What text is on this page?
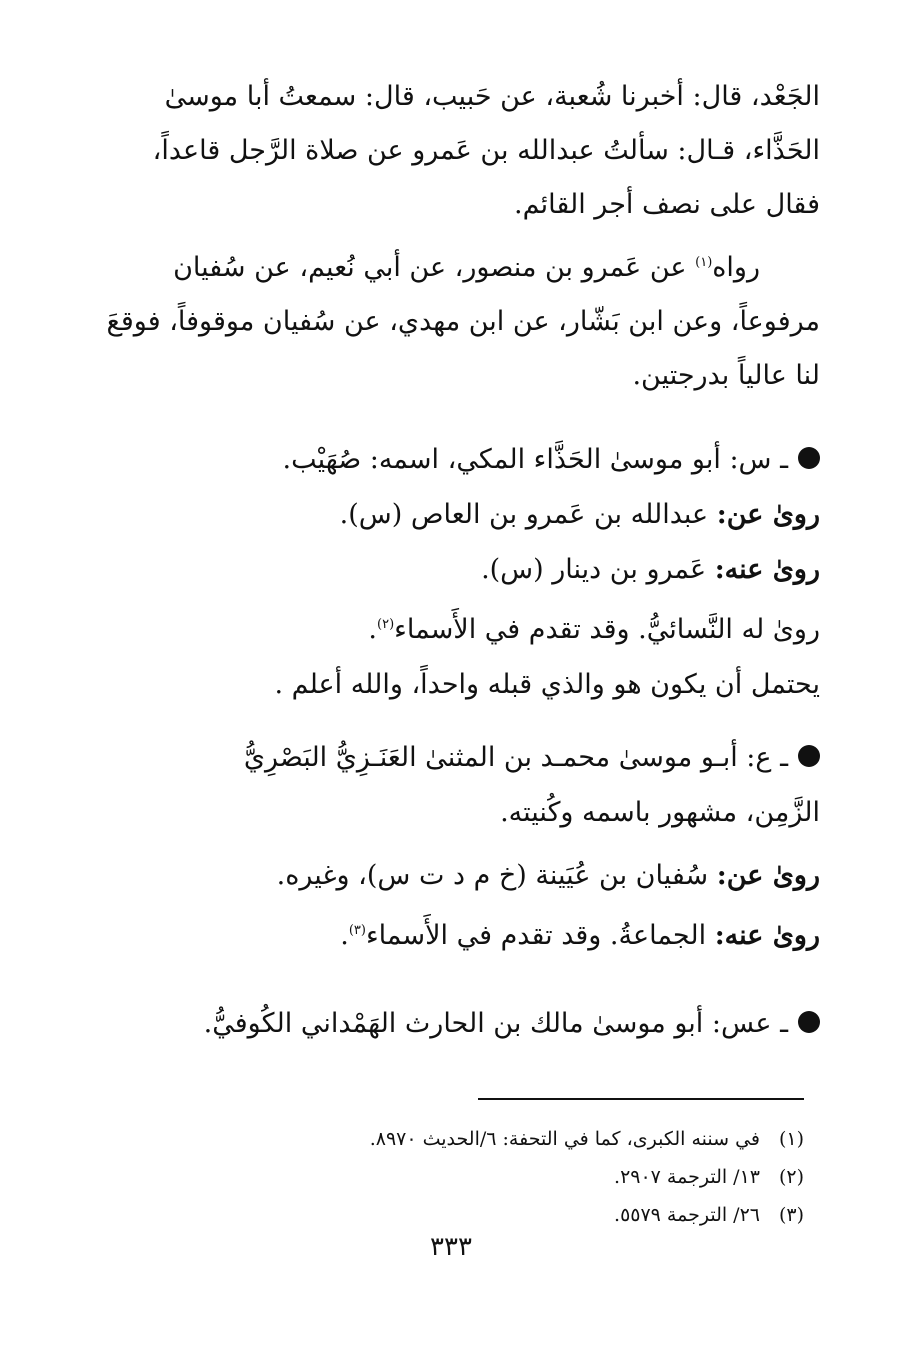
الجَعْد، قال: أخبرنا شُعبة، عن حَبيب، قال: سمعتُ أبا موسىٰ

الحَذَّاء، قـال: سألتُ عبدالله بن عَمرو عن صلاة الرَّجل قاعداً،

فقال على نصف أجر القائم.

رواه$^{(١)}$ عن عَمرو بن منصور، عن أبي نُعيم، عن سُفيان

مرفوعاً، وعن ابن بَشّار، عن ابن مهدي، عن سُفيان موقوفاً، فوقعَ

لنا عالياً بدرجتين.

ـ س: أبو موسىٰ الحَذَّاء المكي، اسمه: صُهَيْب.
رویٰ عن: عبدالله بن عَمرو بن العاص (س).
رویٰ عنه: عَمرو بن دينار (س).
رویٰ له النَّسائيُّ. وقد تقدم في الأَسماء$^{(٢)}$.
يحتمل أن يكون هو والذي قبله واحداً، والله أعلم .
ـ ع: أبـو موسىٰ محمـد بن المثنىٰ العَنَـزِيُّ البَصْرِيُّ
الزَّمِن، مشهور باسمه وكُنيته.
رویٰ عن: سُفيان بن عُيَينة (خ م د ت س)، وغيره.
رویٰ عنه: الجماعةُ. وقد تقدم في الأَسماء$^{(٣)}$.
ـ عس: أبو موسىٰ مالك بن الحارث الهَمْداني الكُوفيُّ.
(١)في سننه الكبرى، كما في التحفة: ٦/الحديث ٨٩٧٠.
(٢)١٣/ الترجمة ٢٩٠٧.
(٣)٢٦/ الترجمة ٥٥٧٩.
٣٣٣
